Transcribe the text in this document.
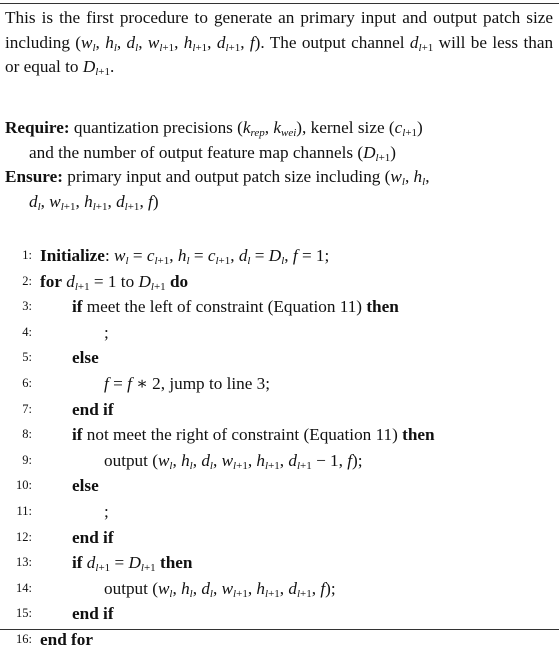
This is the first procedure to generate an primary input and output patch size including ($w_l$, $h_l$, $d_l$, $w_{l+1}$, $h_{l+1}$, $d_{l+1}$, f). The output channel $d_{l+1}$ will be less than or equal to $D_{l+1}$.
Require: quantization precisions ($k_{rep}$, $k_{wei}$), kernel size $(c_{l+1})$
and the number of output feature map channels $(D_{l+1})$
Ensure: primary input and output patch size including ($w_l$, $h_l$,
$d_l$, $w_{l+1}$, $h_{l+1}$, $d_{l+1}$, f)
1: Initialize: $w_l = c_{l+1}$, $h_l = c_{l+1}$, $d_l = D_l$, f = 1;
2: for $d_{l+1} = 1$ to $D_{l+1}$ do
3: if meet the left of constraint (Equation 11) then
4:	;
5: else
6:	f = f ∗ 2, jump to line 3;
7: end if
8: if not meet the right of constraint (Equation 11) then
9:	output ($w_l$, $h_l$, $d_l$, $w_{l+1}$, $h_{l+1}$, $d_{l+1} - 1$, f);
10: else
11:	;
12: end if
13: if $d_{l+1} = D_{l+1}$ then
14:	output ($w_l$, $h_l$, $d_l$, $w_{l+1}$, $h_{l+1}$, $d_{l+1}$, f);
15: end if
16: end for
